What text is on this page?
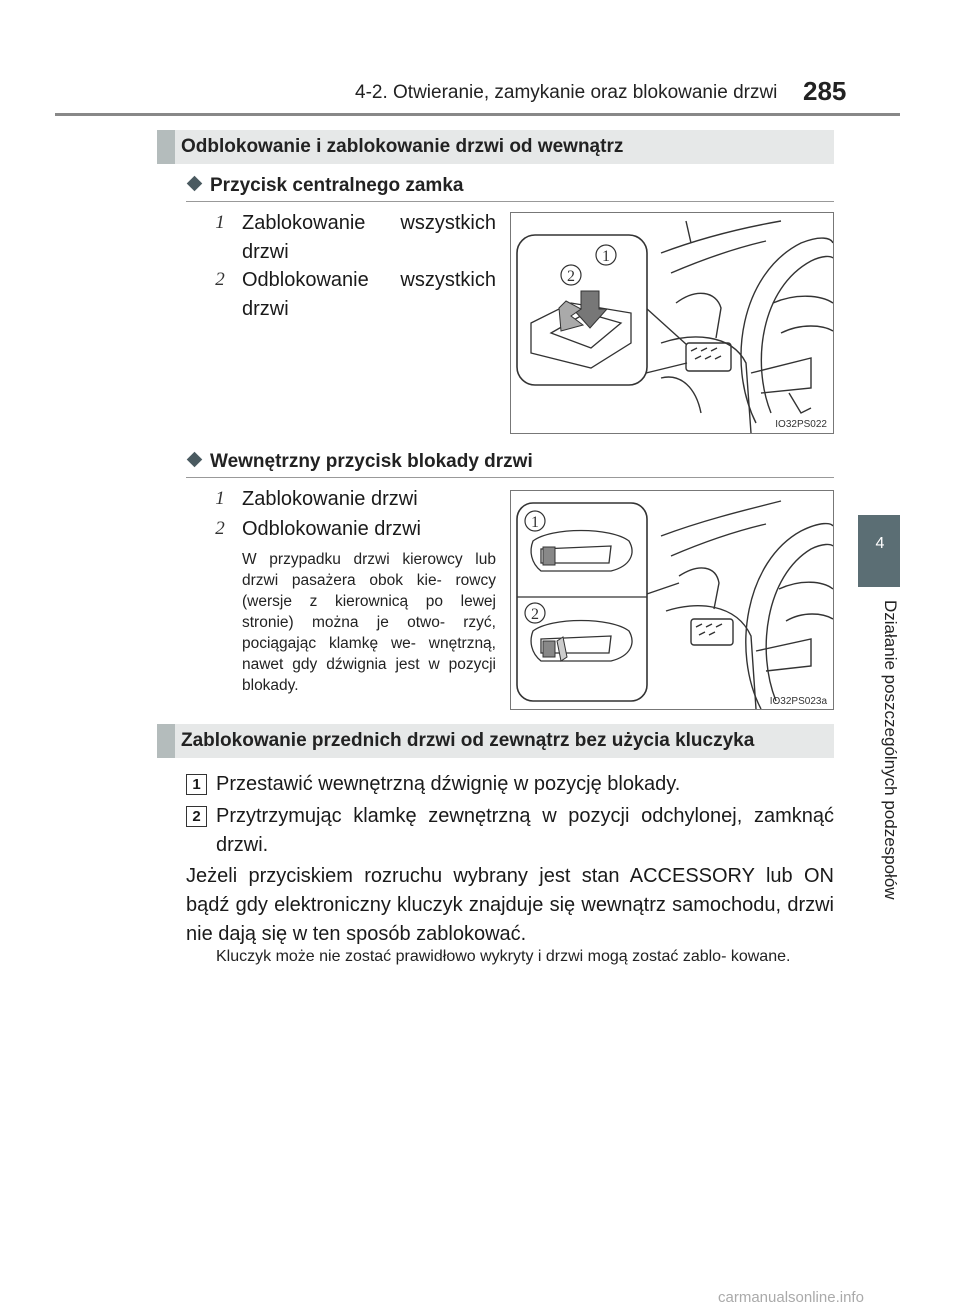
4-2. Otwieranie, zamykanie oraz blokowanie drzwi 285
4
Działanie poszczególnych podzespołów
Odblokowanie i zablokowanie drzwi od wewnątrz
Przycisk centralnego zamka
1 Zablokowanie wszystkich drzwi
2 Odblokowanie wszystkich drzwi
1
2
IO32PS022
Wewnętrzny przycisk blokady drzwi
1 Zablokowanie drzwi
2 Odblokowanie drzwi
W przypadku drzwi kierowcy lub drzwi pasażera obok kie- rowcy (wersje z kierownicą po lewej stronie) można je otwo- rzyć, pociągając klamkę we- wnętrzną, nawet gdy dźwignia jest w pozycji blokady.
1
2
IO32PS023a
Zablokowanie przednich drzwi od zewnątrz bez użycia kluczyka
1 Przestawić wewnętrzną dźwignię w pozycję blokady.
2 Przytrzymując klamkę zewnętrzną w pozycji odchylonej, zamknąć drzwi.
Jeżeli przyciskiem rozruchu wybrany jest stan ACCESSORY lub ON bądź gdy elektroniczny kluczyk znajduje się wewnątrz samochodu, drzwi nie dają się w ten sposób zablokować.
Kluczyk może nie zostać prawidłowo wykryty i drzwi mogą zostać zablo- kowane.
carmanualsonline.info
